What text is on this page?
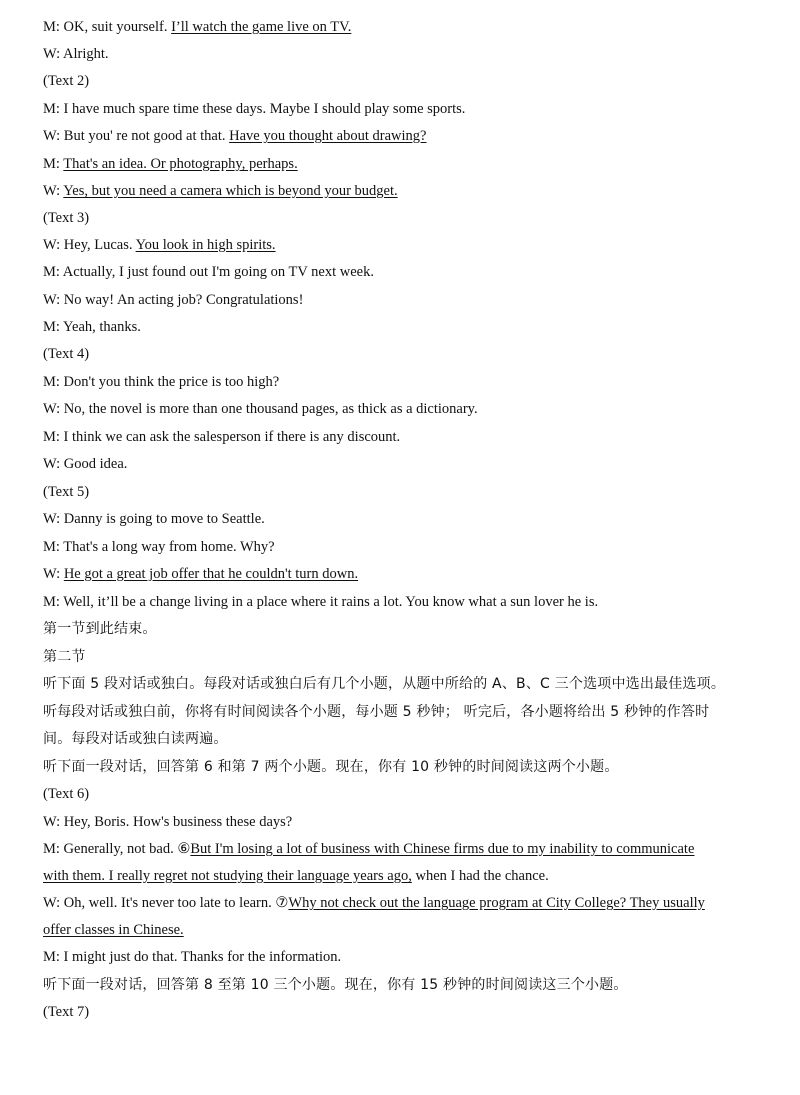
M: OK, suit yourself. I’ll watch the game live on TV.
W: Alright.
(Text 2)
M: I have much spare time these days. Maybe I should play some sports.
W: But you' re not good at that. Have you thought about drawing?
M: That's an idea. Or photography, perhaps.
W: Yes, but you need a camera which is beyond your budget.
(Text 3)
W: Hey, Lucas. You look in high spirits.
M: Actually, I just found out I'm going on TV next week.
W: No way! An acting job? Congratulations!
M: Yeah, thanks.
(Text 4)
M: Don't you think the price is too high?
W: No, the novel is more than one thousand pages, as thick as a dictionary.
M: I think we can ask the salesperson if there is any discount.
W: Good idea.
(Text 5)
W: Danny is going to move to Seattle.
M: That's a long way from home. Why?
W: He got a great job offer that he couldn't turn down.
M: Well, it’ll be a change living in a place where it rains a lot. You know what a sun lover he is.
第一节到此结束。
第二节
听下面 5 段对话或独白。每段对话或独白后有几个小题，从题中所给的 A、B、C 三个选项中选出最佳选项。
听每段对话或独白前，你将有时间阅读各个小题，每小题 5 秒钟； 听完后，各小题将给出 5 秒钟的作答时
间。每段对话或独白读两遍。
听下面一段对话，回答第 6 和第 7 两个小题。现在，你有 10 秒钟的时间阅读这两个小题。
(Text 6)
W: Hey, Boris. How's business these days?
M: Generally, not bad. ⑥But I'm losing a lot of business with Chinese firms due to my inability to communicate
with them. I really regret not studying their language years ago, when I had the chance.
W: Oh, well. It's never too late to learn. ⑦Why not check out the language program at City College? They usually
offer classes in Chinese.
M: I might just do that. Thanks for the information.
听下面一段对话，回答第 8 至第 10 三个小题。现在，你有 15 秒钟的时间阅读这三个小题。
(Text 7)
